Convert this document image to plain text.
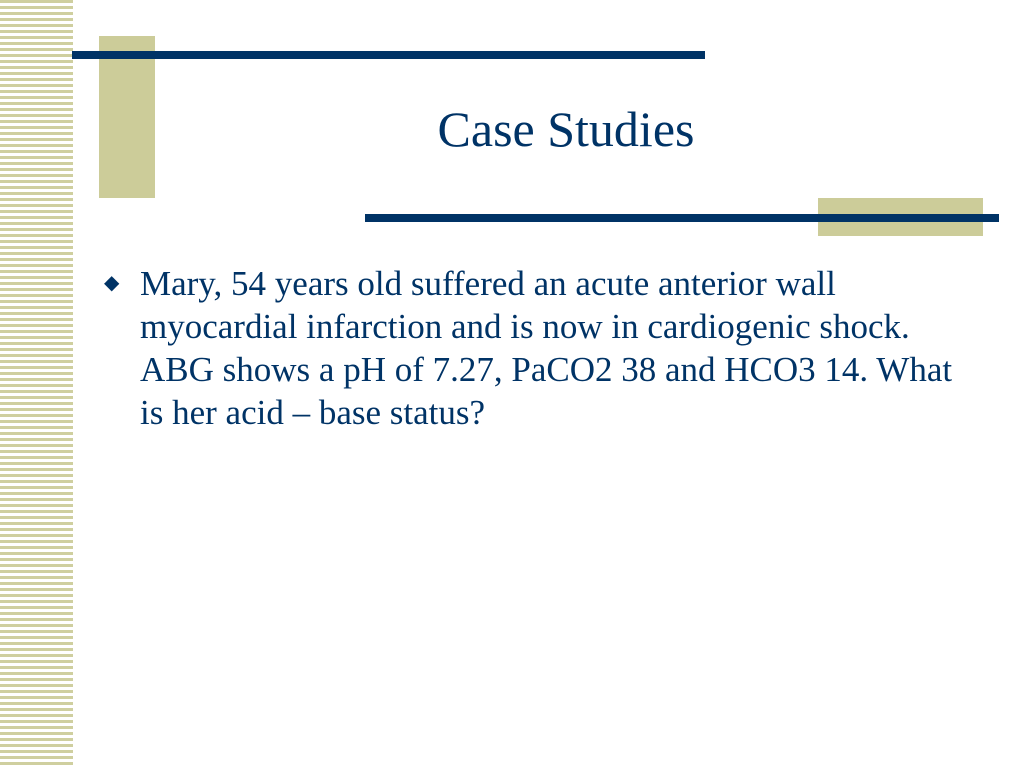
Case Studies
◆ Mary, 54 years old suffered an acute anterior wall myocardial infarction and is now in cardiogenic shock. ABG shows a pH of 7.27, PaCO2 38 and HCO3 14. What is her acid – base status?
